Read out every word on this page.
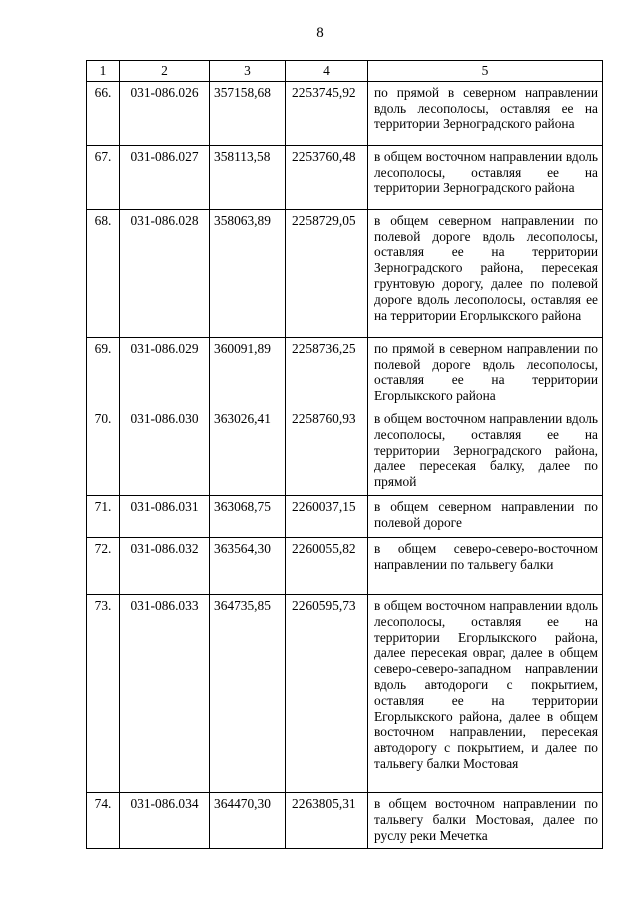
8
1	2	3	4	5
66.	031-086.026	357158,68	2253745,92	по прямой в северном направлении вдоль лесополосы, оставляя ее на территории Зерноградского района
67.	031-086.027	358113,58	2253760,48	в общем восточном направлении вдоль лесополосы, оставляя ее на территории Зерноградского района
68.	031-086.028	358063,89	2258729,05	в общем северном направлении по полевой дороге вдоль лесополосы, оставляя ее на территории Зерноградского района, пересекая грунтовую дорогу, далее по полевой дороге вдоль лесополосы, оставляя ее на территории Егорлыкского района
69.	031-086.029	360091,89	2258736,25	по прямой в северном направлении по полевой дороге вдоль лесополосы, оставляя ее на территории Егорлыкского района
70.	031-086.030	363026,41	2258760,93	в общем восточном направлении вдоль лесополосы, оставляя ее на территории Зерноградского района, далее пересекая балку, далее по прямой
71.	031-086.031	363068,75	2260037,15	в общем северном направлении по полевой дороге
72.	031-086.032	363564,30	2260055,82	в общем северо-северо-восточном направлении по тальвегу балки
73.	031-086.033	364735,85	2260595,73	в общем восточном направлении вдоль лесополосы, оставляя ее на территории Егорлыкского района, далее пересекая овраг, далее в общем северо-северо-западном направлении вдоль автодороги с покрытием, оставляя ее на территории Егорлыкского района, далее в общем восточном направлении, пересекая автодорогу с покрытием, и далее по тальвегу балки Мостовая
74.	031-086.034	364470,30	2263805,31	в общем восточном направлении по тальвегу балки Мостовая, далее по руслу реки Мечетка
